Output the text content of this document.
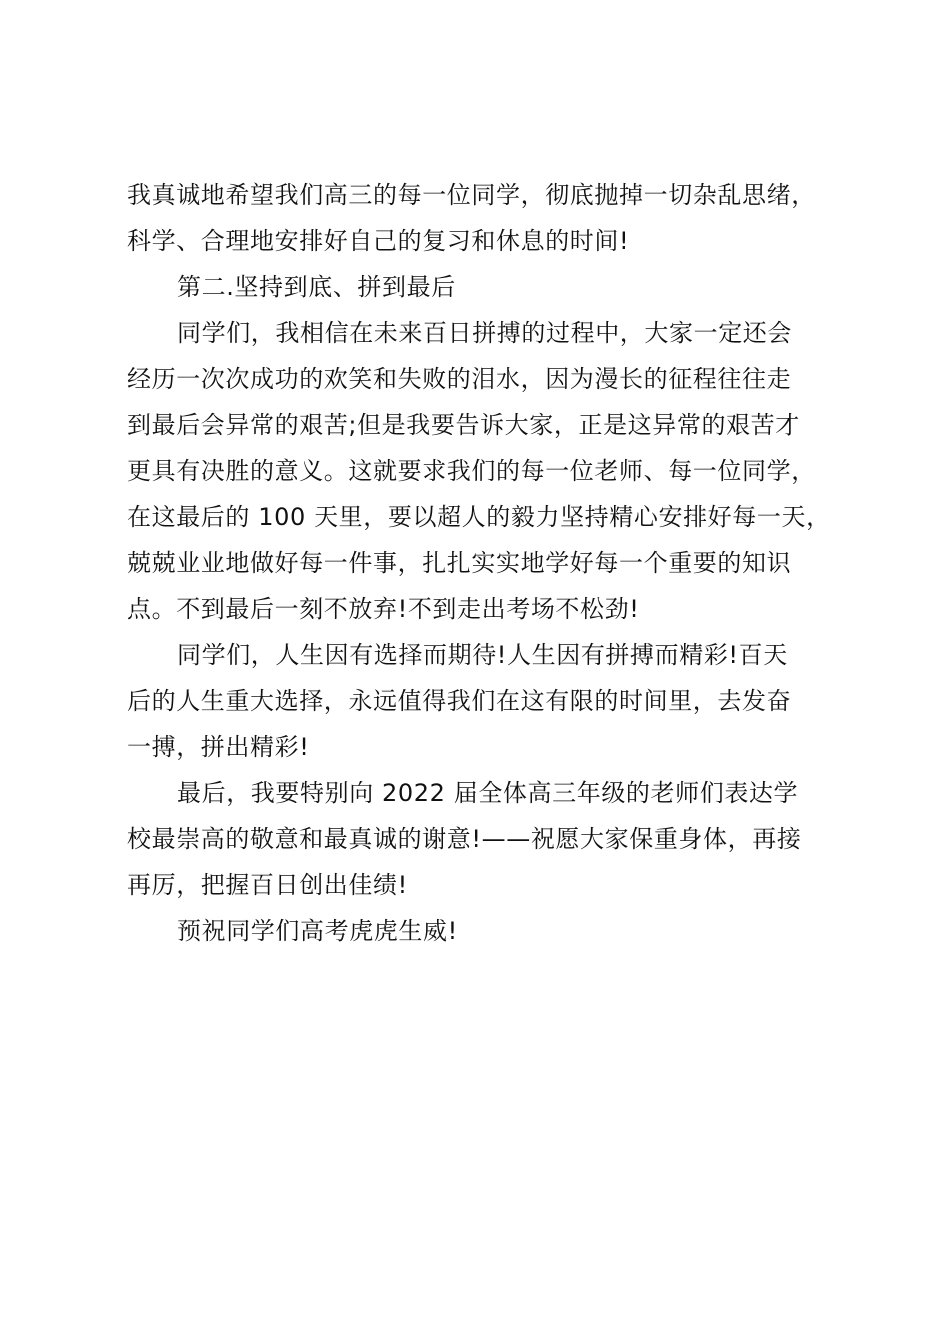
我真诚地希望我们高三的每一位同学，彻底抛掉一切杂乱思绪，
科学、合理地安排好自己的复习和休息的时间!
第二.坚持到底、拼到最后
同学们，我相信在未来百日拼搏的过程中，大家一定还会
经历一次次成功的欢笑和失败的泪水，因为漫长的征程往往走
到最后会异常的艰苦;但是我要告诉大家，正是这异常的艰苦才
更具有决胜的意义。这就要求我们的每一位老师、每一位同学，
在这最后的 100 天里，要以超人的毅力坚持精心安排好每一天，
兢兢业业地做好每一件事，扎扎实实地学好每一个重要的知识
点。不到最后一刻不放弃!不到走出考场不松劲!
同学们，人生因有选择而期待!人生因有拼搏而精彩!百天
后的人生重大选择，永远值得我们在这有限的时间里，去发奋
一搏，拼出精彩!
最后，我要特别向 2022 届全体高三年级的老师们表达学
校最崇高的敬意和最真诚的谢意!——祝愿大家保重身体，再接
再厉，把握百日创出佳绩!
预祝同学们高考虎虎生威!
